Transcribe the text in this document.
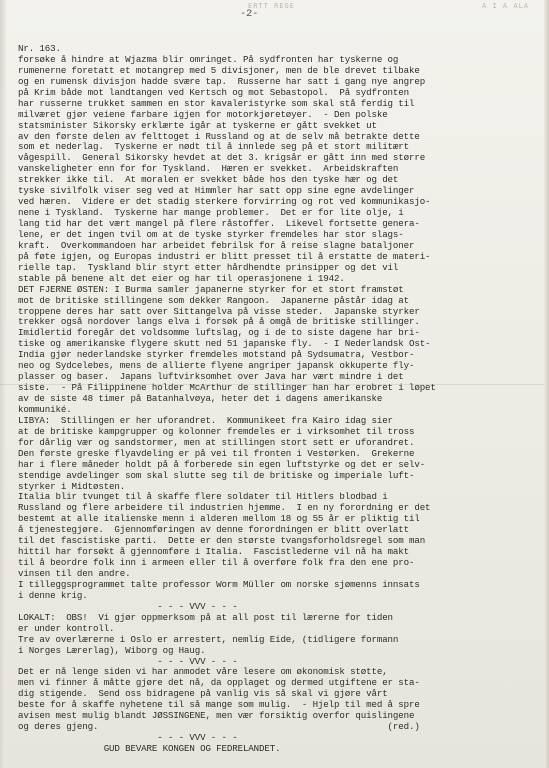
ERTT REGE	A I A ALA
-2-
Nr. 163.
forsøke å hindre at Wjazma blir omringet. På sydfronten har tyskerne og
rumenerne foretatt et motangrep med 5 divisjoner, men de ble drevet tilbake
og en rumensk divisjon hadde svære tap.  Russerne har satt i gang nye angrep
på Krim både mot landtangen ved Kertsch og mot Sebastopol.  På sydfronten
har russerne trukket sammen en stor kavaleristyrke som skal stå ferdig til
milværet gjør veiene farbare igjen for motorkjøretøyer.  - Den polske
statsminister Sikorsky erklærte igår at tyskerne er gått svekket ut
av den første delen av felttoget i Russland og at de selv må betrakte dette
som et nederlag.  Tyskerne er nødt til å innlede seg på et stort militært
vågespill.  General Sikorsky hevdet at det 3. krigsår er gått inn med større
vanskeligheter enn for for Tyskland.  Hæren er svekket.  Arbeidskraften
strekker ikke til.  At moralen er svekket både hos den tyske hær og det
tyske sivilfolk viser seg ved at Himmler har satt opp sine egne avdelinger
ved hæren.  Videre er det stadig sterkere forvirring og rot ved kommunikasjo-
nene i Tyskland.  Tyskerne har mange problemer.  Det er for lite olje, i
lang tid har det vært mangel på flere råstoffer.  Likevel fortsette genera-
lene, er det ingen tvil om at de tyske styrker fremdeles har stor slags-
kraft.  Overkommandoen har arbeidet febrilsk for å reise slagne bataljoner
på føte igjen, og Europas industri er blitt presset til å erstatte de materi-
rielle tap.  Tyskland blir styrt etter hårdhendte prinsipper og det vil
stable på benene alt det eier og har til operasjonene i 1942.
DET FJERNE ØSTEN: I Burma samler japanerne styrker for et stort framstøt
mot de britiske stillingene som dekker Rangoon.  Japanerne påstår idag at
troppene deres har satt over Sittangelva på visse steder.  Japanske styrker
trekker også nordover langs elva i forsøk på å omgå de britiske stillinger.
Imidlertid foregår det voldsomme luftslag, og i de to siste dagene har bri-
tiske og amerikanske flygere skutt ned 51 japanske fly.  - I Nederlandsk Ost-
India gjør nederlandske styrker fremdeles motstand på Sydsumatra, Vestbor-
neo og Sydcelebes, mens de allierte flyene angriper japansk okkuperte fly-
plasser og baser.  Japans luftvirksomhet over Java har vært mindre i det
siste.  - På Filippinene holder McArthur de stillinger han har erobret i løpet
av de siste 48 timer på Batanhalvøya, heter det i dagens amerikanske
kommuniké.
LIBYA:  Stillingen er her uforandret.  Kommunikeet fra Kairo idag sier
at de britiske kampgrupper og kolonner fremdeles er i virksomhet til tross
for dårlig vær og sandstormer, men at stillingen stort sett er uforandret.
Den første greske flyavdeling er på vei til fronten i Vestørken.  Grekerne
har i flere måneder holdt på å forberede sin egen luftstyrke og det er selv-
stendige avdelinger som skal slutte seg til de britiske og imperiale luft-
styrker i Midtøsten.
Italia blir tvunget til å skaffe flere soldater til Hitlers blodbad i
Russland og flere arbeidere til industrien hjemme.  I en ny forordning er det
bestemt at alle italienske menn i alderen mellom 18 og 55 år er pliktig til
å tjenestegjøre.  Gjennomføringen av denne forordningen er blitt overlatt
til det fascistiske parti.  Dette er den største tvangsforholdsregel som man
hittil har forsøkt å gjennomføre i Italia.  Fascistlederne vil nå ha makt
til å beordre folk inn i armeen eller til å overføre folk fra den ene pro-
vinsen til den andre.
I tilleggsprogrammet talte professor Worm Müller om norske sjømenns innsats
i denne krig.
- - - VVV - - -
LOKALT:  OBS!  Vi gjør oppmerksom på at all post til lærerne for tiden
er under kontroll.
Tre av overlærerne i Oslo er arrestert, nemlig Eide, (tidligere formann
i Norges Lærerlag), Wiborg og Haug.
- - - VVV - - -
Det er nå lenge siden vi har anmodet våre lesere om økonomisk støtte,
men vi finner å måtte gjøre det nå, da opplaget og dermed utgiftene er sta-
dig stigende.  Send oss bidragene på vanlig vis så skal vi gjøre vårt
beste for å skaffe nyhetene til så mange som mulig.  - Hjelp til med å spre
avisen mest mulig blandt JØSSINGENE, men vær forsiktig overfor quislingene
og deres gjeng.                                                      (red.)
- - - VVV - - -
GUD BEVARE KONGEN OG FEDRELANDET.
